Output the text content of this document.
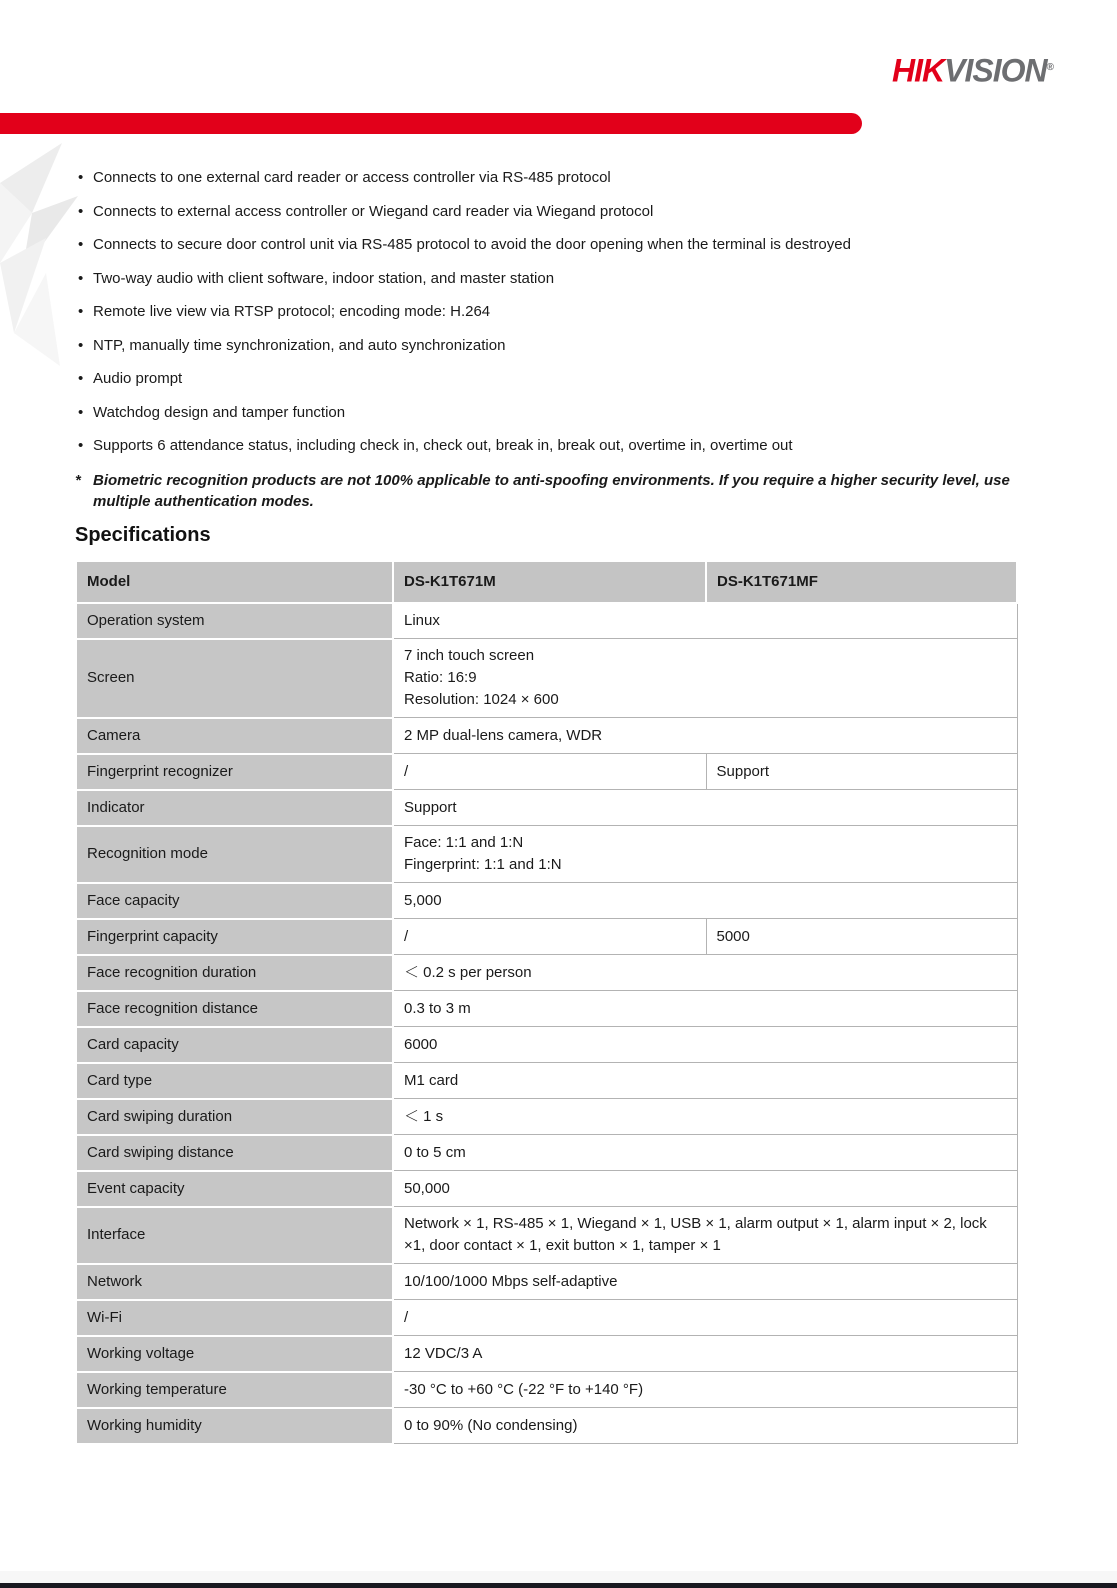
HIKVISION®
• Connects to one external card reader or access controller via RS-485 protocol
• Connects to external access controller or Wiegand card reader via Wiegand protocol
• Connects to secure door control unit via RS-485 protocol to avoid the door opening when the terminal is destroyed
• Two-way audio with client software, indoor station, and master station
• Remote live view via RTSP protocol; encoding mode: H.264
• NTP, manually time synchronization, and auto synchronization
• Audio prompt
• Watchdog design and tamper function
• Supports 6 attendance status, including check in, check out, break in, break out, overtime in, overtime out
* Biometric recognition products are not 100% applicable to anti-spoofing environments. If you require a higher security level, use multiple authentication modes.
Specifications
Model	DS-K1T671M	DS-K1T671MF
Operation system	Linux	

Screen	7 inch touch screen
Ratio: 16:9
Resolution: 1024 × 600	

Camera	2 MP dual-lens camera, WDR	

Fingerprint recognizer	/	Support
Indicator	Support	

Recognition mode	Face: 1:1 and 1:N
Fingerprint: 1:1 and 1:N	

Face capacity	5,000	

Fingerprint capacity	/	5000
Face recognition duration	＜ 0.2 s per person	

Face recognition distance	0.3 to 3 m	

Card capacity	6000	

Card type	M1 card	

Card swiping duration	＜ 1 s	

Card swiping distance	0 to 5 cm	

Event capacity	50,000	

Interface	Network × 1, RS-485 × 1, Wiegand × 1, USB × 1, alarm output × 1, alarm input × 2, lock ×1, door contact × 1, exit button × 1, tamper × 1	

Network	10/100/1000 Mbps self-adaptive	

Wi-Fi	/	

Working voltage	12 VDC/3 A	

Working temperature	-30 °C to +60 °C (-22 °F to +140 °F)	

Working humidity	0 to 90% (No condensing)	
